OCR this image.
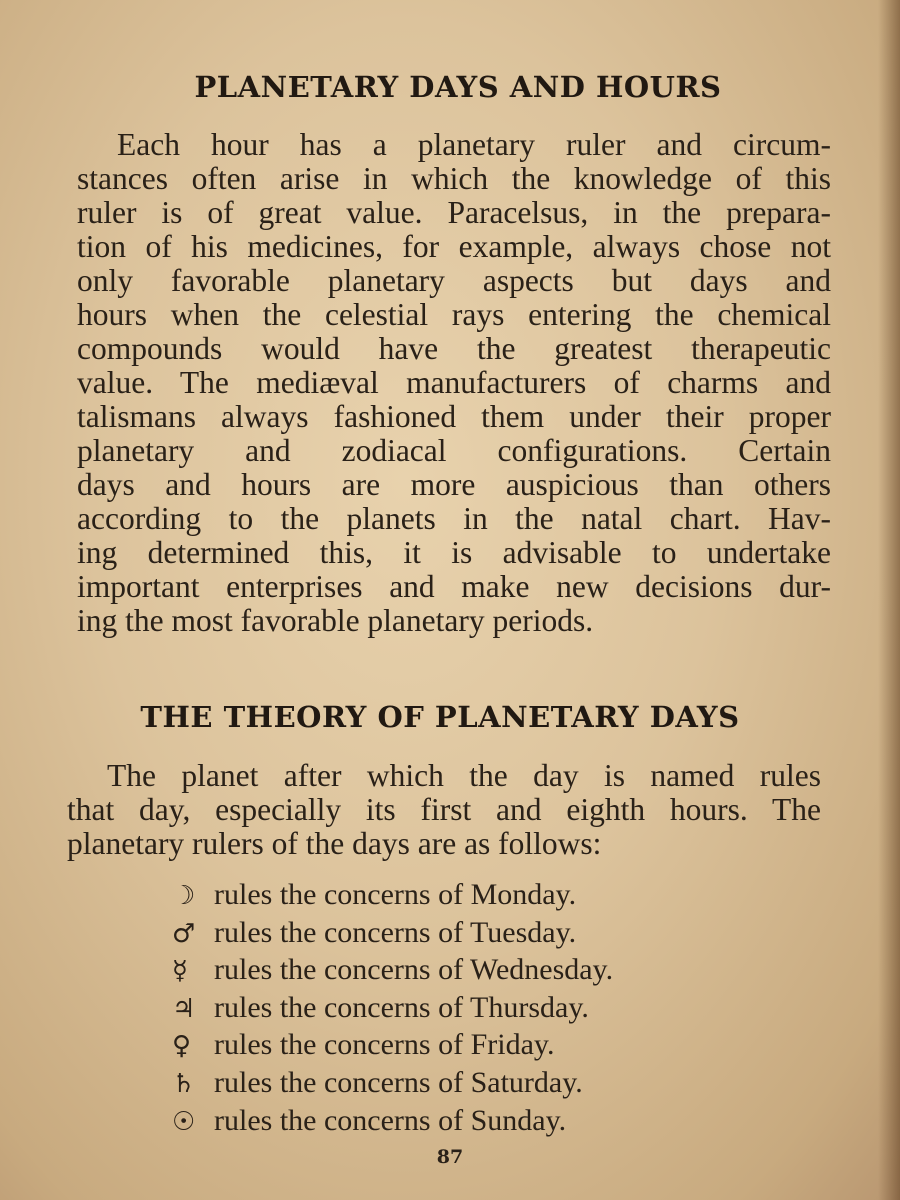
PLANETARY DAYS AND HOURS
Each hour has a planetary ruler and circum-
stances often arise in which the knowledge of this
ruler is of great value. Paracelsus, in the prepara-
tion of his medicines, for example, always chose not
only favorable planetary aspects but days and
hours when the celestial rays entering the chemical
compounds would have the greatest therapeutic
value. The mediæval manufacturers of charms and
talismans always fashioned them under their proper
planetary and zodiacal configurations. Certain
days and hours are more auspicious than others
according to the planets in the natal chart. Hav-
ing determined this, it is advisable to undertake
important enterprises and make new decisions dur-
ing the most favorable planetary periods.
THE THEORY OF PLANETARY DAYS
The planet after which the day is named rules
that day, especially its first and eighth hours. The
planetary rulers of the days are as follows:
☽ rules the concerns of Monday.
♂ rules the concerns of Tuesday.
☿ rules the concerns of Wednesday.
♃ rules the concerns of Thursday.
♀ rules the concerns of Friday.
♄ rules the concerns of Saturday.
☉ rules the concerns of Sunday.
87
